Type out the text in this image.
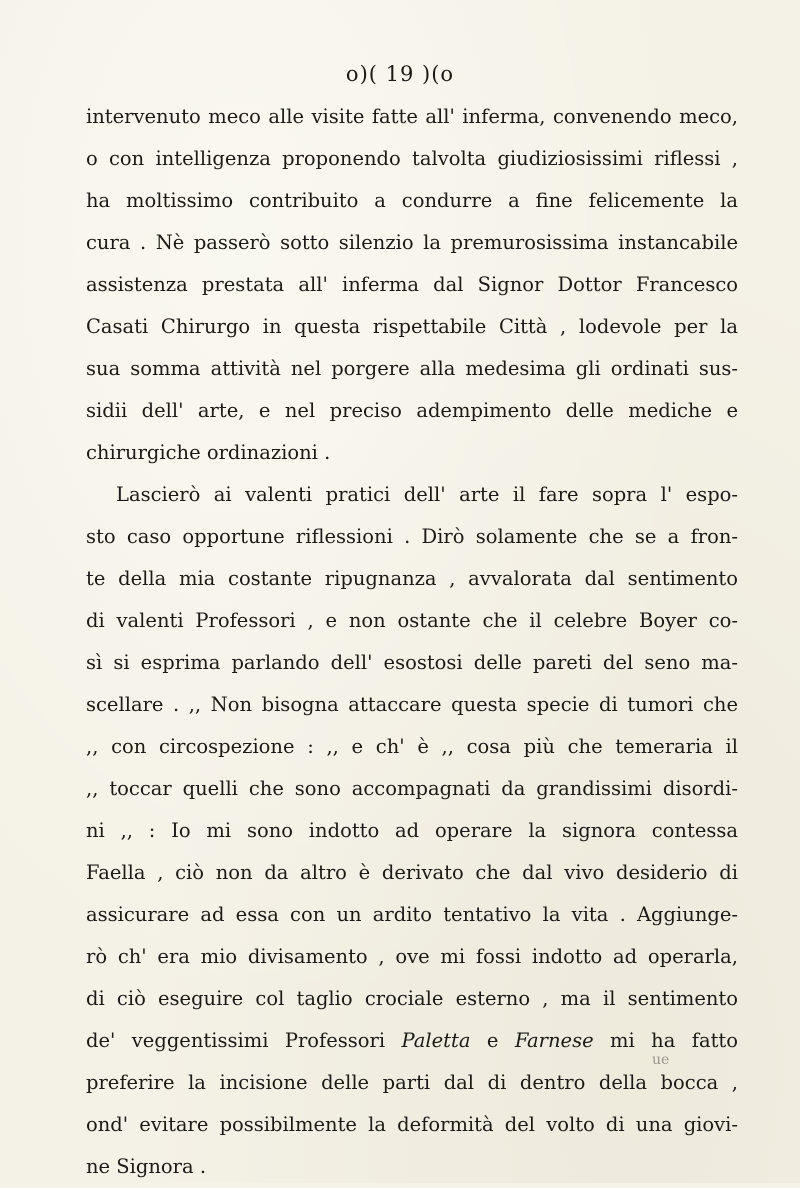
o)( 19 )(o
intervenuto meco alle visite fatte all' inferma, convenendo meco,
o con intelligenza proponendo talvolta giudiziosissimi riflessi ,
ha moltissimo contribuito a condurre a fine felicemente la
cura . Nè passerò sotto silenzio la premurosissima instancabile
assistenza prestata all' inferma dal Signor Dottor Francesco
Casati Chirurgo in questa rispettabile Città , lodevole per la
sua somma attività nel porgere alla medesima gli ordinati sus-
sidii dell' arte, e nel preciso adempimento delle mediche e
chirurgiche ordinazioni .
Lascierò ai valenti pratici dell' arte il fare sopra l' espo-
sto caso opportune riflessioni . Dirò solamente che se a fron-
te della mia costante ripugnanza , avvalorata dal sentimento
di valenti Professori , e non ostante che il celebre Boyer co-
sì si esprima parlando dell' esostosi delle pareti del seno ma-
scellare . ,, Non bisogna attaccare questa specie di tumori che
,, con circospezione : ,, e ch' è ,, cosa più che temeraria il
,, toccar quelli che sono accompagnati da grandissimi disordi-
ni ,, : Io mi sono indotto ad operare la signora contessa
Faella , ciò non da altro è derivato che dal vivo desiderio di
assicurare ad essa con un ardito tentativo la vita . Aggiunge-
rò ch' era mio divisamento , ove mi fossi indotto ad operarla,
di ciò eseguire col taglio crociale esterno , ma il sentimento
de' veggentissimi Professori Paletta e Farnese mi ha fatto
preferire la incisione delle parti dal di dentro della bocca ,
ond' evitare possibilmente la deformità del volto di una giovi-
ne Signora .
ue
